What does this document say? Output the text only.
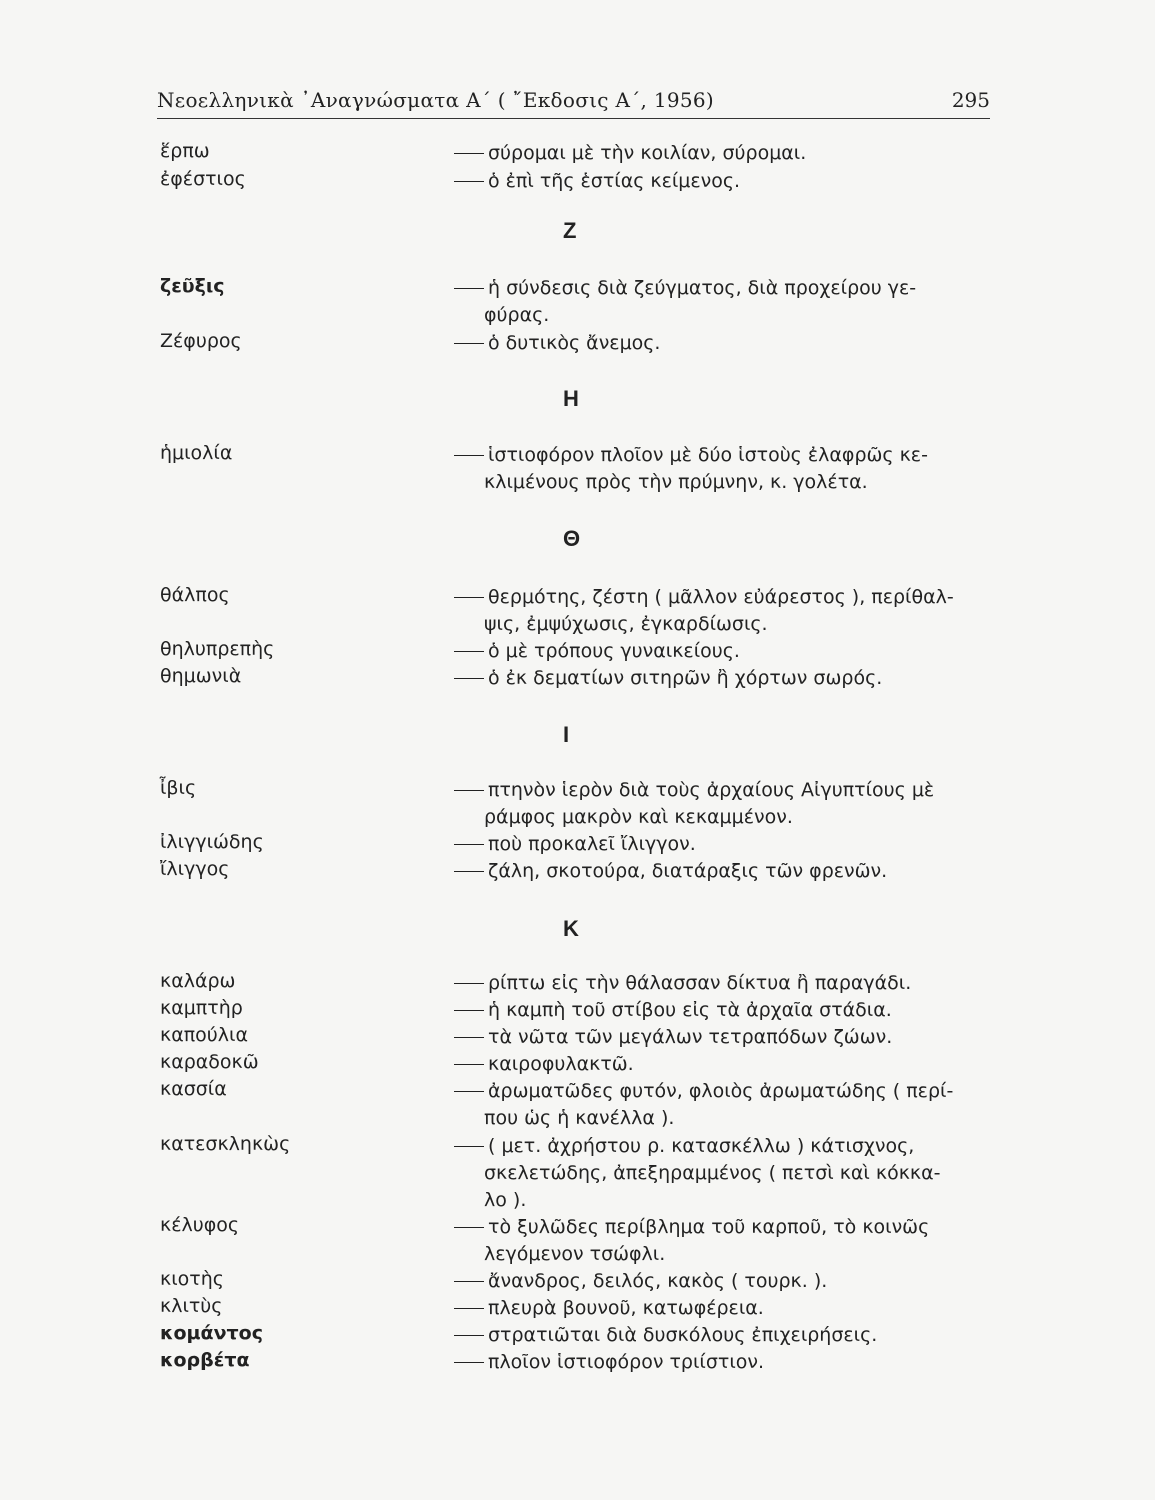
Νεοελληνικὰ ᾿Αναγνώσματα Α΄ ( ῎Εκδοσις Α΄, 1956)	295
ἕρπω	σύρομαι μὲ τὴν κοιλίαν, σύρομαι.
ἐφέστιος	ὁ ἐπὶ τῆς ἑστίας κείμενος.
Ζ
ζεῦξις	ἡ σύνδεσις διὰ ζεύγματος, διὰ προχείρου γε-
φύρας.
Ζέφυρος	ὁ δυτικὸς ἄνεμος.
Η
ἡμιολία	ἱστιοφόρον πλοῖον μὲ δύο ἱστοὺς ἐλαφρῶς κε-
κλιμένους πρὸς τὴν πρύμνην, κ. γολέτα.
Θ
θάλπος	θερμότης, ζέστη ( μᾶλλον εὐάρεστος ), περίθαλ-
ψις, ἐμψύχωσις, ἐγκαρδίωσις.
θηλυπρεπὴς	ὁ μὲ τρόπους γυναικείους.
θημωνιὰ	ὁ ἐκ δεματίων σιτηρῶν ἢ χόρτων σωρός.
Ι
ἶβις	πτηνὸν ἱερὸν διὰ τοὺς ἀρχαίους Αἰγυπτίους μὲ
ράμφος μακρὸν καὶ κεκαμμένον.
ἰλιγγιώδης	ποὺ προκαλεῖ ἴλιγγον.
ἴλιγγος	ζάλη, σκοτούρα, διατάραξις τῶν φρενῶν.
Κ
καλάρω	ρίπτω εἰς τὴν θάλασσαν δίκτυα ἢ παραγάδι.
καμπτὴρ	ἡ καμπὴ τοῦ στίβου εἰς τὰ ἀρχαῖα στάδια.
καπούλια	τὰ νῶτα τῶν μεγάλων τετραπόδων ζώων.
καραδοκῶ	καιροφυλακτῶ.
κασσία	ἀρωματῶδες φυτόν, φλοιὸς ἀρωματώδης ( περί-
που ὡς ἡ κανέλλα ).
κατεσκληκὼς	( μετ. ἀχρήστου ρ. κατασκέλλω ) κάτισχνος,
σκελετώδης, ἀπεξηραμμένος ( πετσὶ καὶ κόκκα-
λο ).
κέλυφος	τὸ ξυλῶδες περίβλημα τοῦ καρποῦ, τὸ κοινῶς
λεγόμενον τσώφλι.
κιοτὴς	ἄνανδρος, δειλός, κακὸς ( τουρκ. ).
κλιτὺς	πλευρὰ βουνοῦ, κατωφέρεια.
κομάντος	στρατιῶται διὰ δυσκόλους ἐπιχειρήσεις.
κορβέτα	πλοῖον ἱστιοφόρον τριίστιον.
